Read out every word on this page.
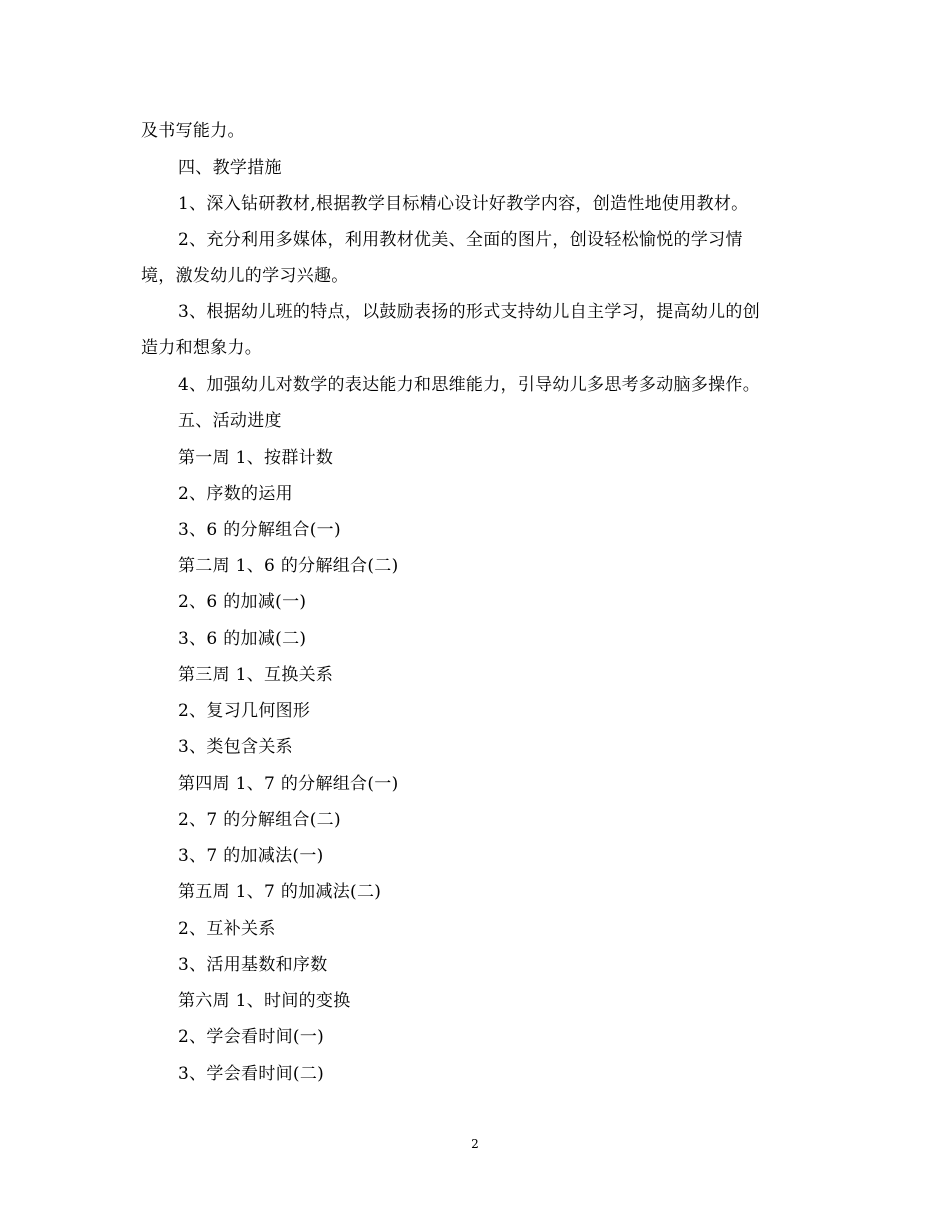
及书写能力。
四、教学措施
1、深入钻研教材,根据教学目标精心设计好教学内容，创造性地使用教材。
2、充分利用多媒体，利用教材优美、全面的图片，创设轻松愉悦的学习情
境，激发幼儿的学习兴趣。
3、根据幼儿班的特点，以鼓励表扬的形式支持幼儿自主学习，提高幼儿的创
造力和想象力。
4、加强幼儿对数学的表达能力和思维能力，引导幼儿多思考多动脑多操作。
五、活动进度
第一周 1、按群计数
2、序数的运用
3、6 的分解组合(一)
第二周 1、6 的分解组合(二)
2、6 的加减(一)
3、6 的加减(二)
第三周 1、互换关系
2、复习几何图形
3、类包含关系
第四周 1、7 的分解组合(一)
2、7 的分解组合(二)
3、7 的加减法(一)
第五周 1、7 的加减法(二)
2、互补关系
3、活用基数和序数
第六周 1、时间的变换
2、学会看时间(一)
3、学会看时间(二)
2
